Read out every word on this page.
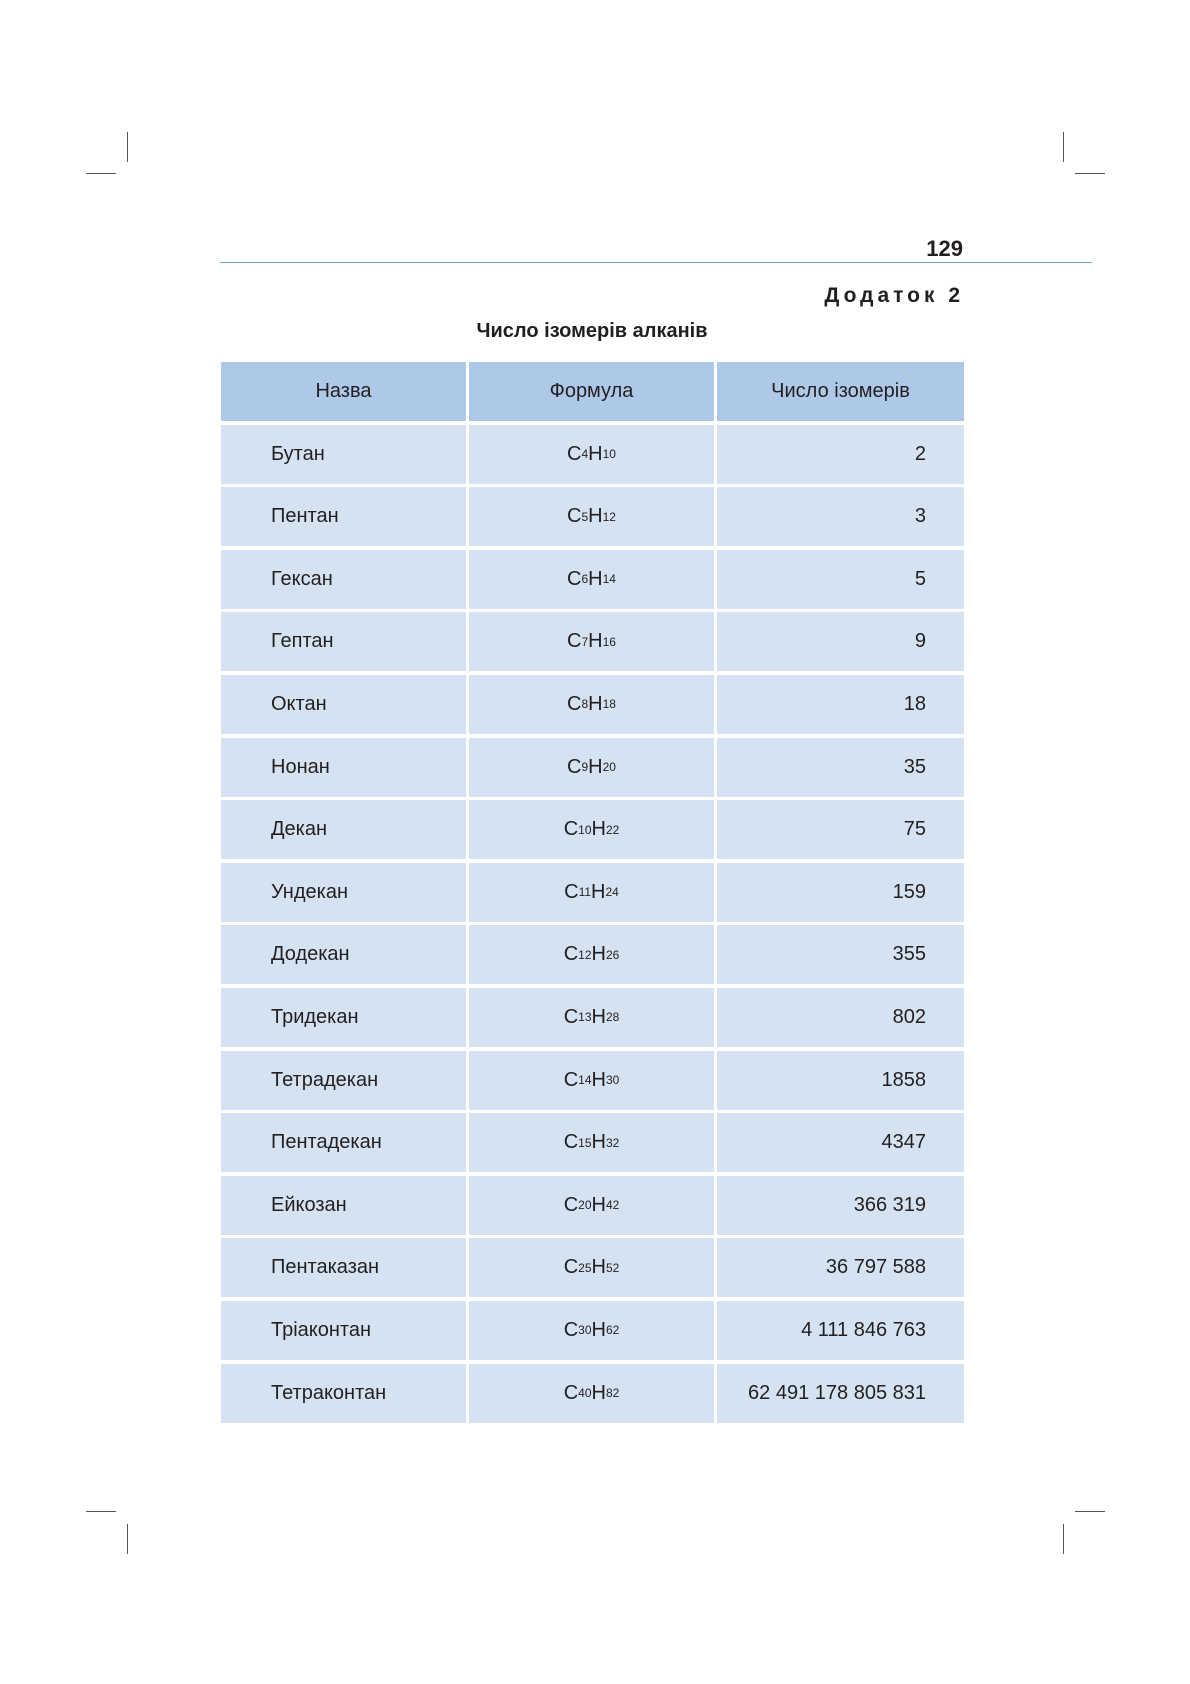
129
Додаток 2
Число ізомерів алканів
Назва	Формула	Число ізомерів
Бутан	C 4 H 10	2
Пентан	C 5 H 12	3
Гексан	C 6 H 14	5
Гептан	C 7 H 16	9
Октан	C 8 H 18	18
Нонан	C 9 H 20	35
Декан	C 10 H 22	75
Ундекан	C 11 H 24	159
Додекан	C 12 H 26	355
Тридекан	C 13 H 28	802
Тетрадекан	C 14 H 30	1858
Пентадекан	C 15 H 32	4347
Ейкозан	C 20 H 42	366 319
Пентаказан	C 25 H 52	36 797 588
Тріаконтан	C 30 H 62	4 111 846 763
Тетраконтан	C 40 H 82	62 491 178 805 831
